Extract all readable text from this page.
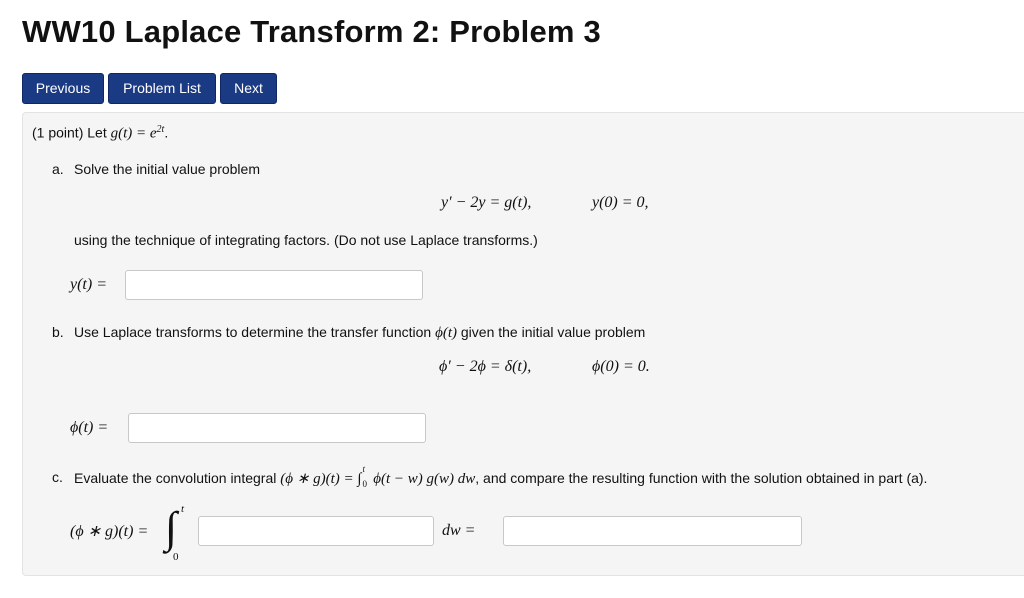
WW10 Laplace Transform 2: Problem 3
Previous	Problem List	Next
(1 point) Let $g(t) = e^{2t}$.
a. Solve the initial value problem
y′ − 2y = g(t),	y(0) = 0,
using the technique of integrating factors. (Do not use Laplace transforms.)
y(t) =
b. Use Laplace transforms to determine the transfer function ϕ(t) given the initial value problem
ϕ′ − 2ϕ = δ(t),	ϕ(0) = 0.
ϕ(t) =
c. Evaluate the convolution integral (ϕ ∗ g)(t) = ∫
t
0 ϕ(t − w) g(w) dw, and compare the resulting function with the solution obtained in part (a).
(ϕ ∗ g)(t) = ∫ t
0
dw =
